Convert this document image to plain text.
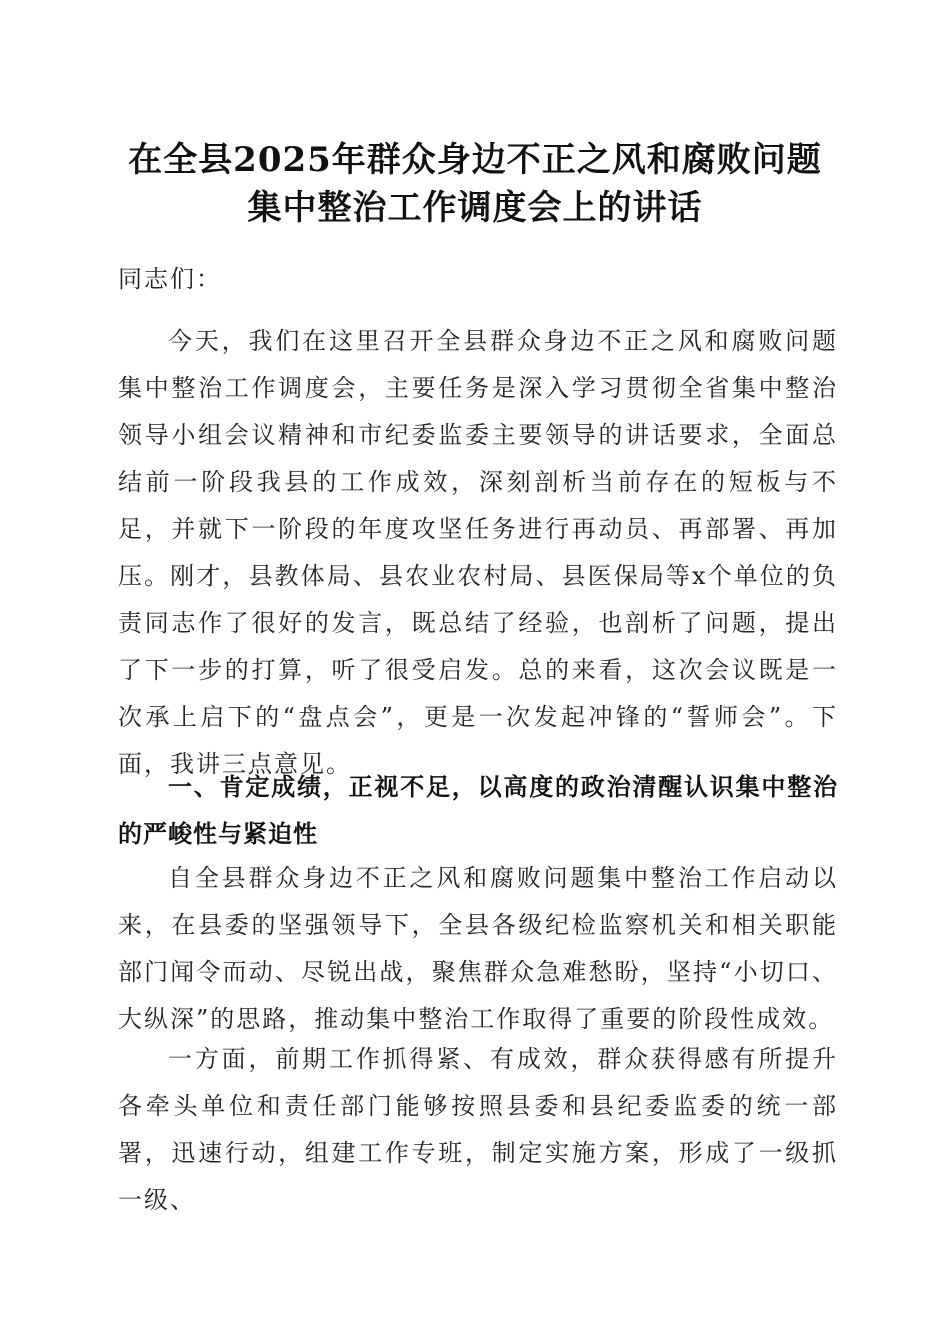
在全县2025年群众身边不正之风和腐败问题
集中整治工作调度会上的讲话
同志们：
今天，我们在这里召开全县群众身边不正之风和腐败问题集中整治工作调度会，主要任务是深入学习贯彻全省集中整治领导小组会议精神和市纪委监委主要领导的讲话要求，全面总结前一阶段我县的工作成效，深刻剖析当前存在的短板与不足，并就下一阶段的年度攻坚任务进行再动员、再部署、再加压。刚才，县教体局、县农业农村局、县医保局等x个单位的负责同志作了很好的发言，既总结了经验，也剖析了问题，提出了下一步的打算，听了很受启发。总的来看，这次会议既是一次承上启下的“盘点会”，更是一次发起冲锋的“誓师会”。下面，我讲三点意见。
一、肯定成绩，正视不足，以高度的政治清醒认识集中整治的严峻性与紧迫性
自全县群众身边不正之风和腐败问题集中整治工作启动以来，在县委的坚强领导下，全县各级纪检监察机关和相关职能部门闻令而动、尽锐出战，聚焦群众急难愁盼，坚持“小切口、大纵深”的思路，推动集中整治工作取得了重要的阶段性成效。
一方面，前期工作抓得紧、有成效，群众获得感有所提升各牵头单位和责任部门能够按照县委和县纪委监委的统一部署，迅速行动，组建工作专班，制定实施方案，形成了一级抓一级、
